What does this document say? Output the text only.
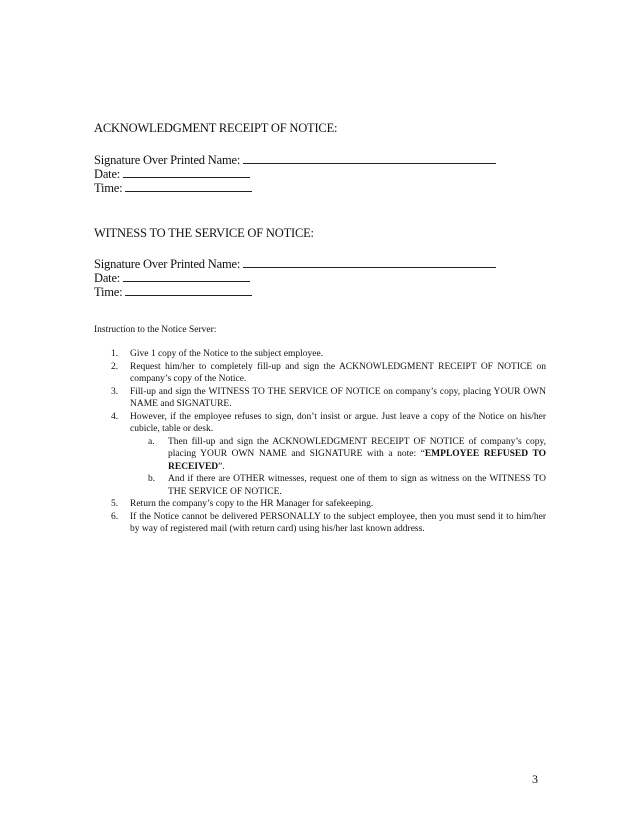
ACKNOWLEDGMENT RECEIPT OF NOTICE:
Signature Over Printed Name:
Date:
Time:
WITNESS TO THE SERVICE OF NOTICE:
Signature Over Printed Name:
Date:
Time:
Instruction to the Notice Server:
1. Give 1 copy of the Notice to the subject employee.
2. Request him/her to completely fill-up and sign the ACKNOWLEDGMENT RECEIPT OF NOTICE on company’s copy of the Notice.
3. Fill-up and sign the WITNESS TO THE SERVICE OF NOTICE on company’s copy, placing YOUR OWN NAME and SIGNATURE.
4. However, if the employee refuses to sign, don’t insist or argue. Just leave a copy of the Notice on his/her cubicle, table or desk.
a. Then fill-up and sign the ACKNOWLEDGMENT RECEIPT OF NOTICE of company’s copy, placing YOUR OWN NAME and SIGNATURE with a note: “EMPLOYEE REFUSED TO RECEIVED”.
b. And if there are OTHER witnesses, request one of them to sign as witness on the WITNESS TO THE SERVICE OF NOTICE.
5. Return the company’s copy to the HR Manager for safekeeping.
6. If the Notice cannot be delivered PERSONALLY to the subject employee, then you must send it to him/her by way of registered mail (with return card) using his/her last known address.
3
